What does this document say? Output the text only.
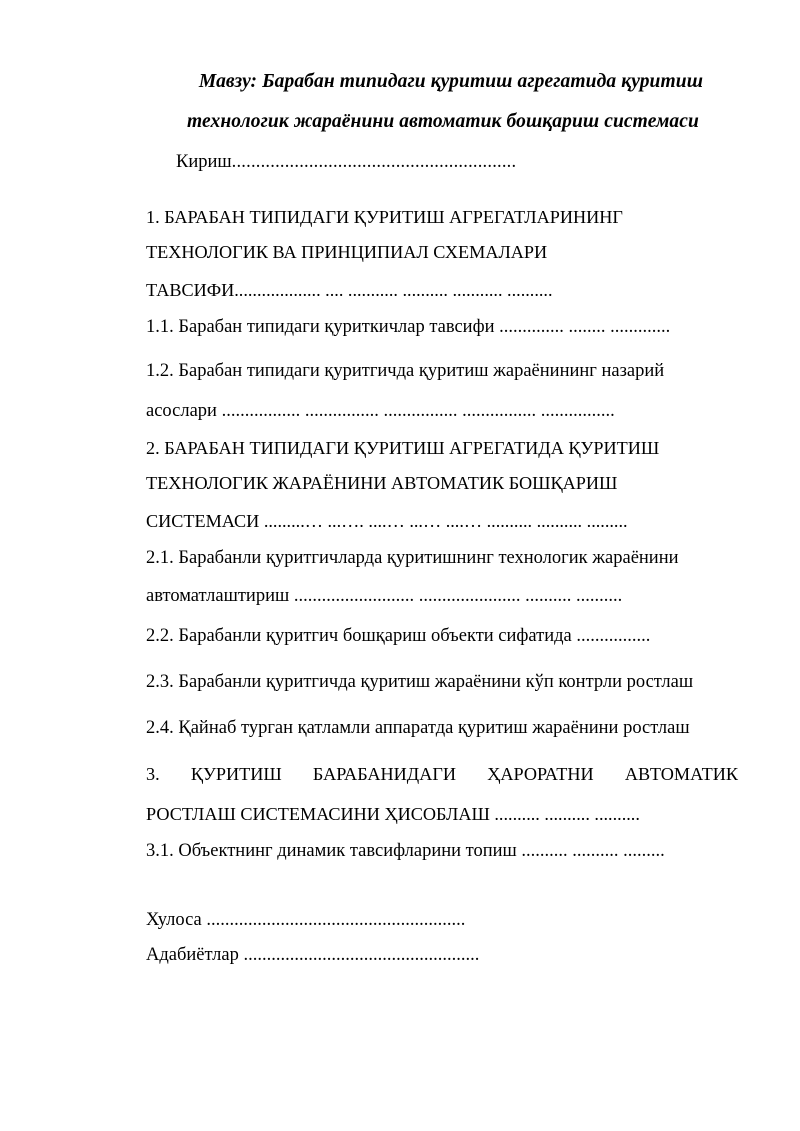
Мавзу: Барабан типидаги қуритиш агрегатида қуритиш
технологик жараёнини автоматик бошқариш системаси
Кириш...........................................................
1. БАРАБАН ТИПИДАГИ ҚУРИТИШ АГРЕГАТЛАРИНИНГ
ТЕХНОЛОГИК ВА ПРИНЦИПИАЛ СХЕМАЛАРИ
ТАВСИФИ................... .... ........... .......... ........... ..........
1.1. Барабан типидаги қуриткичлар тавсифи .............. ........ .............
1.2. Барабан типидаги қуритгичда қуритиш жараёнининг назарий
асослари ................. ................ ................ ................ ................
2. БАРАБАН ТИПИДАГИ ҚУРИТИШ АГРЕГАТИДА ҚУРИТИШ
ТЕХНОЛОГИК ЖАРАЁНИНИ АВТОМАТИК БОШҚАРИШ
СИСТЕМАСИ .........… ...…. ....… ...… ....… .......... .......... .........
2.1. Барабанли қуритгичларда қуритишнинг технологик жараёнини
автоматлаштириш .......................... ...................... .......... ..........
2.2. Барабанли қуритгич бошқариш объекти сифатида ................
2.3. Барабанли қуритгичда қуритиш жараёнини кўп контрли ростлаш
2.4. Қайнаб турган қатламли аппаратда қуритиш жараёнини ростлаш
3. ҚУРИТИШ БАРАБАНИДАГИ ҲАРОРАТНИ АВТОМАТИК
РОСТЛАШ СИСТЕМАСИНИ ҲИСОБЛАШ .......... .......... ..........
3.1. Объектнинг динамик тавсифларини топиш .......... .......... .........
Хулоса ........................................................
Адабиётлар ...................................................
